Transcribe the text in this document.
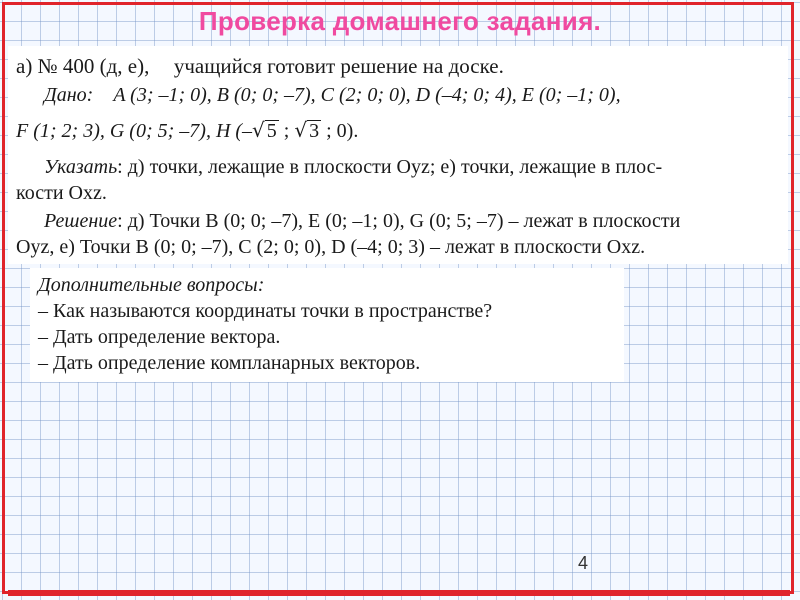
Проверка домашнего задания.
а) № 400 (д, е), учащийся готовит решение на доске.
Дано: A (3; –1; 0), B (0; 0; –7), C (2; 0; 0), D (–4; 0; 4), E (0; –1; 0),
F (1; 2; 3), G (0; 5; –7), H (–√ 5 ; √ 3 ; 0).
Указать: д) точки, лежащие в плоскости Oyz; е) точки, лежащие в плос-
кости Oxz.
Решение: д) Точки B (0; 0; –7), E (0; –1; 0), G (0; 5; –7) – лежат в плоскости
Oyz, е) Точки B (0; 0; –7), C (2; 0; 0), D (–4; 0; 3) – лежат в плоскости Oxz.
Дополнительные вопросы:
– Как называются координаты точки в пространстве?
– Дать определение вектора.
– Дать определение компланарных векторов.
4
